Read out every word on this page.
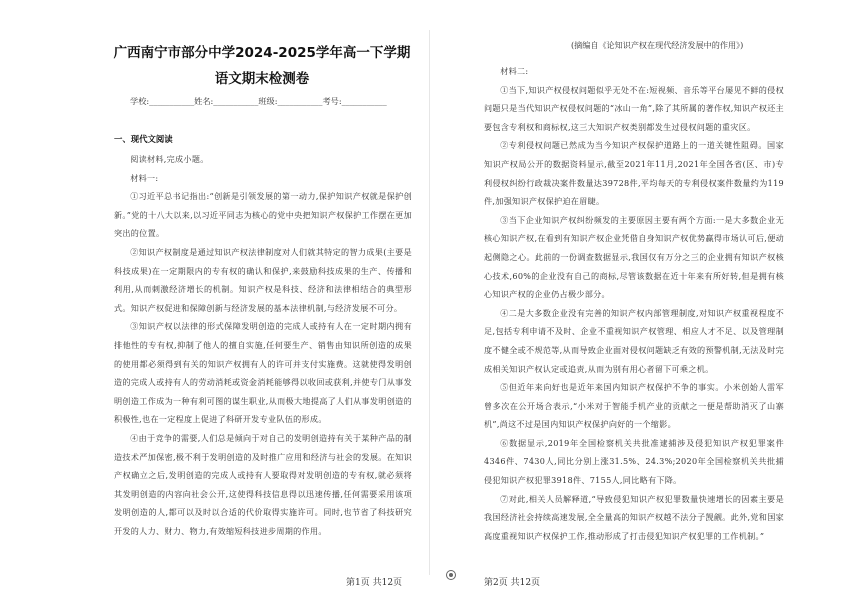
广西南宁市部分中学2024-2025学年高一下学期语文期末检测卷
学校:___________姓名:___________班级:___________考号:___________
一、现代文阅读

阅读材料,完成小题。

材料一:

①习近平总书记指出:“创新是引领发展的第一动力,保护知识产权就是保护创新。”党的十八大以来,以习近平同志为核心的党中央把知识产权保护工作摆在更加突出的位置。

②知识产权制度是通过知识产权法律制度对人们就其特定的智力成果(主要是科技成果)在一定期限内的专有权的确认和保护,来鼓励科技成果的生产、传播和利用,从而刺激经济增长的机制。知识产权是科技、经济和法律相结合的典型形式。知识产权促进和保障创新与经济发展的基本法律机制,与经济发展不可分。

③知识产权以法律的形式保障发明创造的完成人或持有人在一定时期内拥有排他性的专有权,抑制了他人的擅自实施,任何要生产、销售由知识所创造的成果的使用都必须得到有关的知识产权拥有人的许可并支付实施费。这就使得发明创造的完成人或持有人的劳动消耗或资金消耗能够得以收回或获利,并使专门从事发明创造工作成为一种有利可图的谋生职业,从而极大地提高了人们从事发明创造的积极性,也在一定程度上促进了科研开发专业队伍的形成。

④由于竞争的需要,人们总是倾向于对自己的发明创造持有关于某种产品的制造技术严加保密,极不利于发明创造的及时推广应用和经济与社会的发展。在知识产权确立之后,发明创造的完成人或持有人要取得对发明创造的专有权,就必须将其发明创造的内容向社会公开,这使得科技信息得以迅速传播,任何需要采用该项发明创造的人,都可以及时以合适的代价取得实施许可。同时,也节省了科技研究开发的人力、财力、物力,有效缩短科技进步周期的作用。

第1页 共12页
(摘编自《论知识产权在现代经济发展中的作用》)

材料二:

①当下,知识产权侵权问题似乎无处不在:短视频、音乐等平台屡见不鲜的侵权问题只是当代知识产权侵权问题的“冰山一角”,除了其所属的著作权,知识产权还主要包含专利权和商标权,这三大知识产权类别都发生过侵权问题的重灾区。

②专利侵权问题已然成为当今知识产权保护道路上的一道关键性阻碍。国家知识产权局公开的数据资料显示,截至2021年11月,2021年全国各省(区、市)专利侵权纠纷行政裁决案件数量达39728件,平均每天的专利侵权案件数量约为119件,加强知识产权保护迫在眉睫。

③当下企业知识产权纠纷频发的主要原因主要有两个方面:一是大多数企业无核心知识产权,在看到有知识产权企业凭借自身知识产权优势赢得市场认可后,便动起侧隐之心。此前的一份调查数据显示,我国仅有万分之三的企业拥有知识产权核心技术,60%的企业没有自己的商标,尽管该数据在近十年来有所好转,但是拥有核心知识产权的企业仍占极少部分。

④二是大多数企业没有完善的知识产权内部管理制度,对知识产权重视程度不足,包括专利申请不及时、企业不重视知识产权管理、相应人才不足、以及管理制度不健全或不规范等,从而导致企业面对侵权问题缺乏有效的预警机制,无法及时完成相关知识产权认定或追责,从而为别有用心者留下可乘之机。

⑤但近年来向好也是近年来国内知识产权保护不争的事实。小米创始人雷军曾多次在公开场合表示,“小米对于智能手机产业的贡献之一便是帮助消灭了山寨机”,尚这不过是国内知识产权保护向好的一个缩影。

⑥数据显示,2019年全国检察机关共批准逮捕涉及侵犯知识产权犯罪案件4346件、7430人,同比分别上涨31.5%、24.3%;2020年全国检察机关共批捕侵犯知识产权犯罪3918件、7155人,同比略有下降。

⑦对此,相关人员解释道,“导致侵犯知识产权犯罪数量快速增长的因素主要是我国经济社会持续高速发展,全全量高的知识产权越不法分子觊觎。此外,党和国家高度重视知识产权保护工作,推动形成了打击侵犯知识产权犯罪的工作机制。”

第2页 共12页
